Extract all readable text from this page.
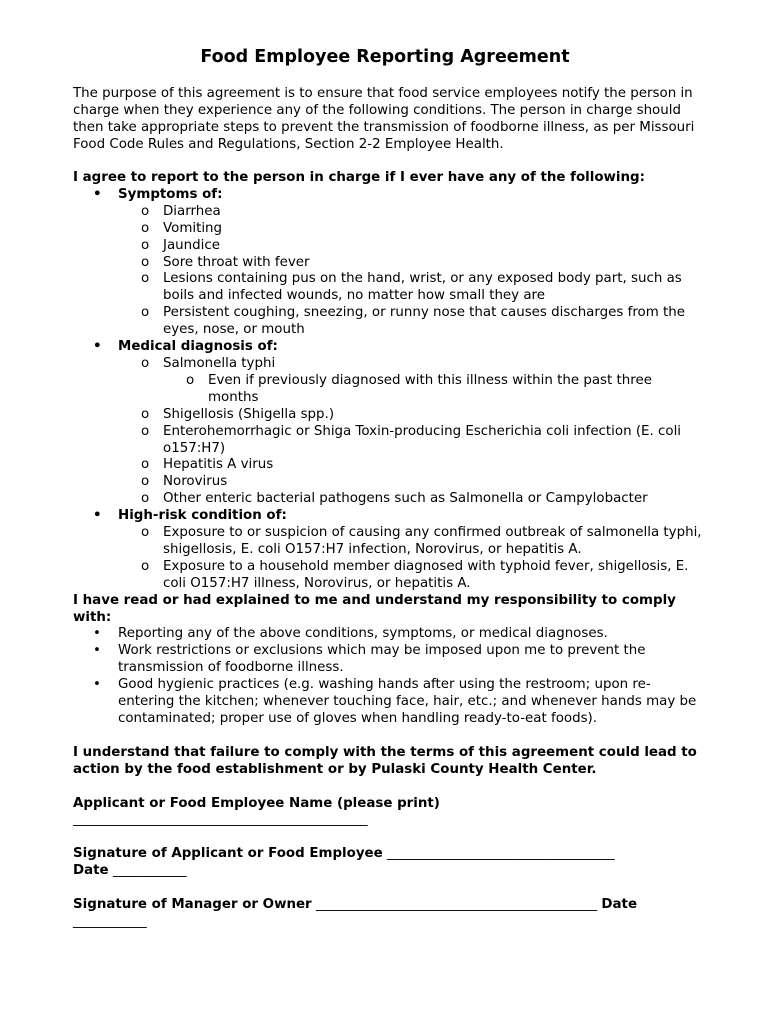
Food Employee Reporting Agreement
The purpose of this agreement is to ensure that food service employees notify the person in charge when they experience any of the following conditions. The person in charge should then take appropriate steps to prevent the transmission of foodborne illness, as per Missouri Food Code Rules and Regulations, Section 2-2 Employee Health.
I agree to report to the person in charge if I ever have any of the following:
• Symptoms of:
o Diarrhea
o Vomiting
o Jaundice
o Sore throat with fever
o Lesions containing pus on the hand, wrist, or any exposed body part, such as boils and infected wounds, no matter how small they are
o Persistent coughing, sneezing, or runny nose that causes discharges from the eyes, nose, or mouth
• Medical diagnosis of:
o Salmonella typhi
o Even if previously diagnosed with this illness within the past three months
o Shigellosis (Shigella spp.)
o Enterohemorrhagic or Shiga Toxin-producing Escherichia coli infection (E. coli o157:H7)
o Hepatitis A virus
o Norovirus
o Other enteric bacterial pathogens such as Salmonella or Campylobacter
• High-risk condition of:
o Exposure to or suspicion of causing any confirmed outbreak of salmonella typhi, shigellosis, E. coli O157:H7 infection, Norovirus, or hepatitis A.
o Exposure to a household member diagnosed with typhoid fever, shigellosis, E. coli O157:H7 illness, Norovirus, or hepatitis A.
I have read or had explained to me and understand my responsibility to comply with:
• Reporting any of the above conditions, symptoms, or medical diagnoses.
• Work restrictions or exclusions which may be imposed upon me to prevent the transmission of foodborne illness.
• Good hygienic practices (e.g. washing hands after using the restroom; upon re-entering the kitchen; whenever touching face, hair, etc.; and whenever hands may be contaminated; proper use of gloves when handling ready-to-eat foods).
I understand that failure to comply with the terms of this agreement could lead to action by the food establishment or by Pulaski County Health Center.
Applicant or Food Employee Name (please print)
____________________________________________
Signature of Applicant or Food Employee __________________________________
Date ___________
Signature of Manager or Owner __________________________________________ Date
___________
